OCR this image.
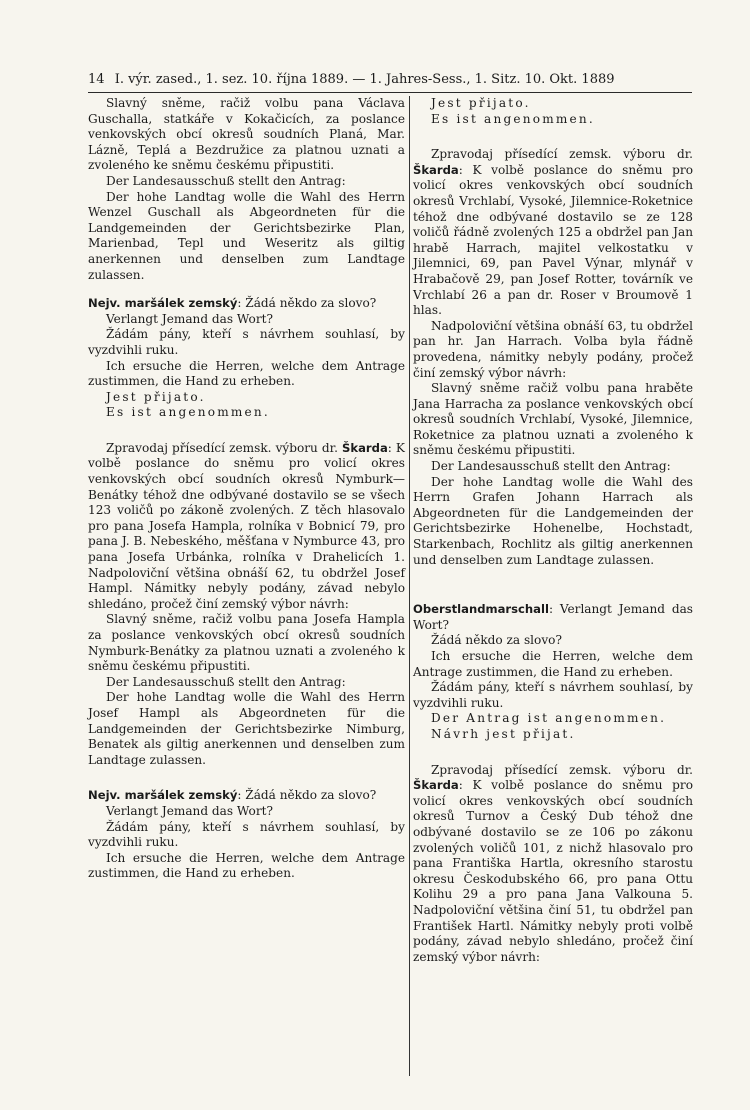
14 I. výr. zased., 1. sez. 10. října 1889. — 1. Jahres-Sess., 1. Sitz. 10. Okt. 1889

Slavný sněme, račiž volbu pana Václava Guschalla, statkáře v Kokačicích, za poslance venkovských obcí okresů soudních Planá, Mar. Lázně, Teplá a Bezdružice za platnou uznati a zvoleného ke sněmu českému připustiti.

Der Landesausschuß stellt den Antrag:

Der hohe Landtag wolle die Wahl des Herrn Wenzel Guschall als Abgeordneten für die Landgemeinden der Gerichtsbezirke Plan, Marienbad, Tepl und Weseritz als giltig anerkennen und denselben zum Landtage zulassen.

Nejv. maršálek zemský: Žádá někdo za slovo?

Verlangt Jemand das Wort?

Žádám pány, kteří s návrhem souhlasí, by vyzdvihli ruku.

Ich ersuche die Herren, welche dem Antrage zustimmen, die Hand zu erheben.

Jest přijato.

Es ist angenommen.

Zpravodaj přísedící zemsk. výboru dr. Škarda: K volbě poslance do sněmu pro volicí okres venkovských obcí soudních okresů Nymburk—Benátky téhož dne odbývané dostavilo se se všech 123 voličů po zákoně zvolených. Z těch hlasovalo pro pana Josefa Hampla, rolníka v Bobnicí 79, pro pana J. B. Nebeského, měšťana v Nymburce 43, pro pana Josefa Urbánka, rolníka v Drahelicích 1. Nadpoloviční většina obnáší 62, tu obdržel Josef Hampl. Námitky nebyly podány, závad nebylo shledáno, pročež činí zemský výbor návrh:

Slavný sněme, račiž volbu pana Josefa Hampla za poslance venkovských obcí okresů soudních Nymburk-Benátky za platnou uznati a zvoleného k sněmu českému připustiti.

Der Landesausschuß stellt den Antrag:

Der hohe Landtag wolle die Wahl des Herrn Josef Hampl als Abgeordneten für die Landgemeinden der Gerichtsbezirke Nimburg, Benatek als giltig anerkennen und denselben zum Landtage zulassen.

Nejv. maršálek zemský: Žádá někdo za slovo?

Verlangt Jemand das Wort?

Žádám pány, kteří s návrhem souhlasí, by vyzdvihli ruku.

Ich ersuche die Herren, welche dem Antrage zustimmen, die Hand zu erheben.

Jest přijato.

Es ist angenommen.

Zpravodaj přísedící zemsk. výboru dr. Škarda: K volbě poslance do sněmu pro volicí okres venkovských obcí soudních okresů Vrchlabí, Vysoké, Jilemnice-Roketnice téhož dne odbývané dostavilo se ze 128 voličů řádně zvolených 125 a obdržel pan Jan hrabě Harrach, majitel velkostatku v Jilemnici, 69, pan Pavel Výnar, mlynář v Hrabačově 29, pan Josef Rotter, továrník ve Vrchlabí 26 a pan dr. Roser v Broumově 1 hlas.

Nadpoloviční většina obnáší 63, tu obdržel pan hr. Jan Harrach. Volba byla řádně provedena, námitky nebyly podány, pročež činí zemský výbor návrh:

Slavný sněme račiž volbu pana hraběte Jana Harracha za poslance venkovských obcí okresů soudních Vrchlabí, Vysoké, Jilemnice, Roketnice za platnou uznati a zvoleného k sněmu českému připustiti.

Der Landesausschuß stellt den Antrag:

Der hohe Landtag wolle die Wahl des Herrn Grafen Johann Harrach als Abgeordneten für die Landgemeinden der Gerichtsbezirke Hohenelbe, Hochstadt, Starkenbach, Rochlitz als giltig anerkennen und denselben zum Landtage zulassen.

Oberstlandmarschall: Verlangt Jemand das Wort?

Žádá někdo za slovo?

Ich ersuche die Herren, welche dem Antrage zustimmen, die Hand zu erheben.

Žádám pány, kteří s návrhem souhlasí, by vyzdvihli ruku.

Der Antrag ist angenommen.

Návrh jest přijat.

Zpravodaj přísedící zemsk. výboru dr. Škarda: K volbě poslance do sněmu pro volicí okres venkovských obcí soudních okresů Turnov a Český Dub téhož dne odbývané dostavilo se ze 106 po zákonu zvolených voličů 101, z nichž hlasovalo pro pana Františka Hartla, okresního starostu okresu Českodubského 66, pro pana Ottu Kolihu 29 a pro pana Jana Valkouna 5. Nadpoloviční většina činí 51, tu obdržel pan František Hartl. Námitky nebyly proti volbě podány, závad nebylo shledáno, pročež činí zemský výbor návrh:
